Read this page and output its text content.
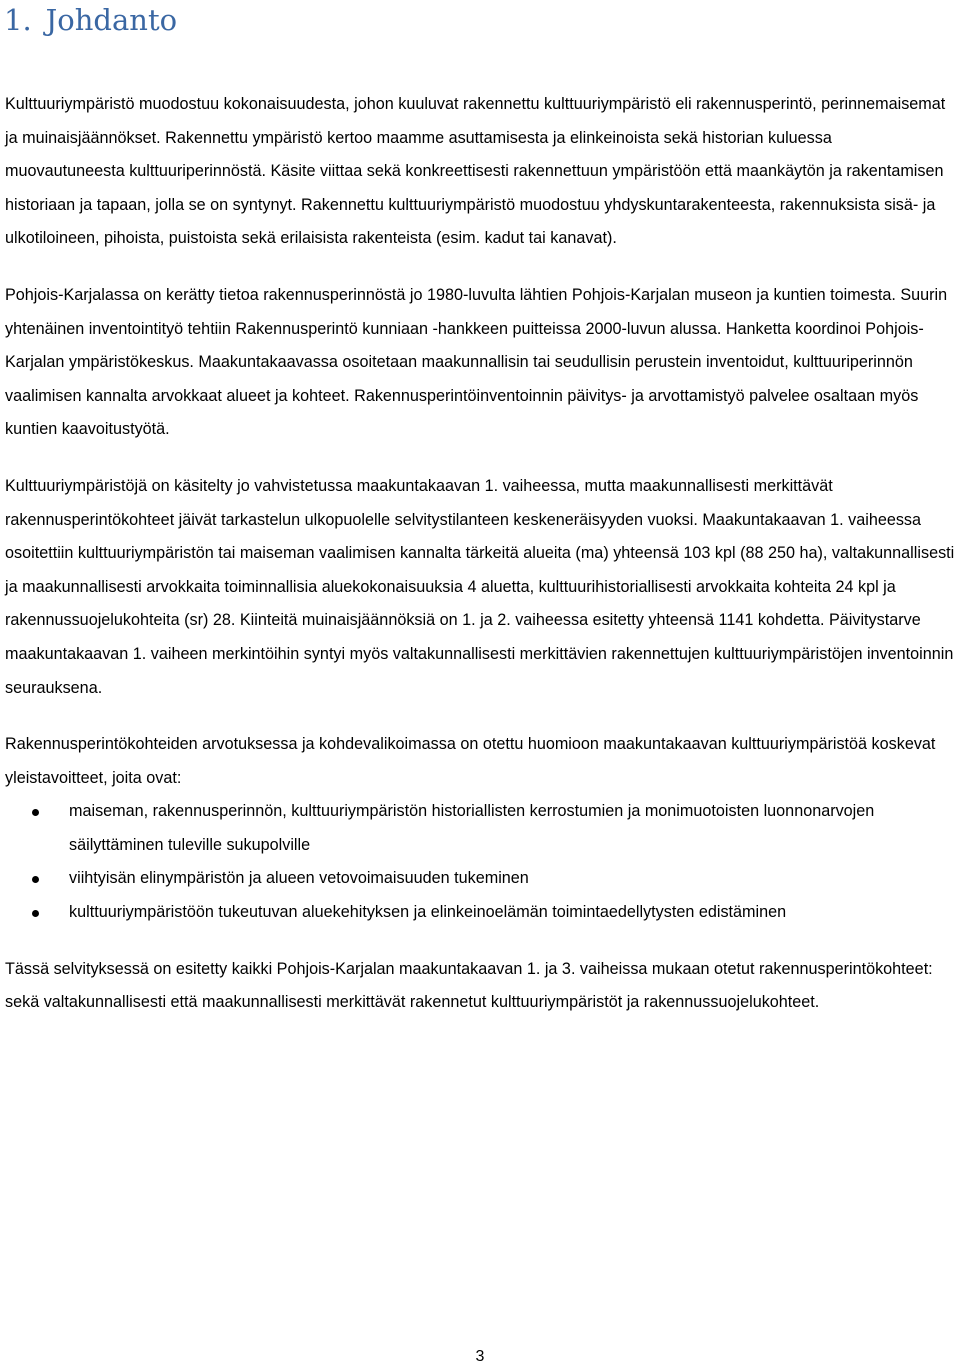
1. Johdanto

Kulttuuriympäristö muodostuu kokonaisuudesta, johon kuuluvat rakennettu kulttuuriympäristö eli rakennusperintö, perinnemaisemat ja muinaisjäännökset. Rakennettu ympäristö kertoo maamme asuttamisesta ja elinkeinoista sekä historian kuluessa muovautuneesta kulttuuriperinnöstä. Käsite viittaa sekä konkreettisesti rakennettuun ympäristöön että maankäytön ja rakentamisen historiaan ja tapaan, jolla se on syntynyt. Rakennettu kulttuuriympäristö muodostuu yhdyskuntarakenteesta, rakennuksista sisä- ja ulkotiloineen, pihoista, puistoista sekä erilaisista rakenteista (esim. kadut tai kanavat).

Pohjois-Karjalassa on kerätty tietoa rakennusperinnöstä jo 1980-luvulta lähtien Pohjois-Karjalan museon ja kuntien toimesta. Suurin yhtenäinen inventointityö tehtiin Rakennusperintö kunniaan -hankkeen puitteissa 2000-luvun alussa. Hanketta koordinoi Pohjois-Karjalan ympäristökeskus. Maakuntakaavassa osoitetaan maakunnallisin tai seudullisin perustein inventoidut, kulttuuriperinnön vaalimisen kannalta arvokkaat alueet ja kohteet. Rakennusperintöinventoinnin päivitys- ja arvottamistyö palvelee osaltaan myös kuntien kaavoitustyötä.

Kulttuuriympäristöjä on käsitelty jo vahvistetussa maakuntakaavan 1. vaiheessa, mutta maakunnallisesti merkittävät rakennusperintökohteet jäivät tarkastelun ulkopuolelle selvitystilanteen keskeneräisyyden vuoksi. Maakuntakaavan 1. vaiheessa osoitettiin kulttuuriympäristön tai maiseman vaalimisen kannalta tärkeitä alueita (ma) yhteensä 103 kpl (88 250 ha), valtakunnallisesti ja maakunnallisesti arvokkaita toiminnallisia aluekokonaisuuksia 4 aluetta, kulttuurihistoriallisesti arvokkaita kohteita 24 kpl ja rakennussuojelukohteita (sr) 28. Kiinteitä muinaisjäännöksiä on 1. ja 2. vaiheessa esitetty yhteensä 1141 kohdetta. Päivitystarve maakuntakaavan 1. vaiheen merkintöihin syntyi myös valtakunnallisesti merkittävien rakennettujen kulttuuriympäristöjen inventoinnin seurauksena.

Rakennusperintökohteiden arvotuksessa ja kohdevalikoimassa on otettu huomioon maakuntakaavan kulttuuriympäristöä koskevat yleistavoitteet, joita ovat:

maiseman, rakennusperinnön, kulttuuriympäristön historiallisten kerrostumien ja monimuotoisten luonnonarvojen säilyttäminen tuleville sukupolville
viihtyisän elinympäristön ja alueen vetovoimaisuuden tukeminen
kulttuuriympäristöön tukeutuvan aluekehityksen ja elinkeinoelämän toimintaedellytysten edistäminen

Tässä selvityksessä on esitetty kaikki Pohjois-Karjalan maakuntakaavan 1. ja 3. vaiheissa mukaan otetut rakennusperintökohteet: sekä valtakunnallisesti että maakunnallisesti merkittävät rakennetut kulttuuriympäristöt ja rakennussuojelukohteet.

3
